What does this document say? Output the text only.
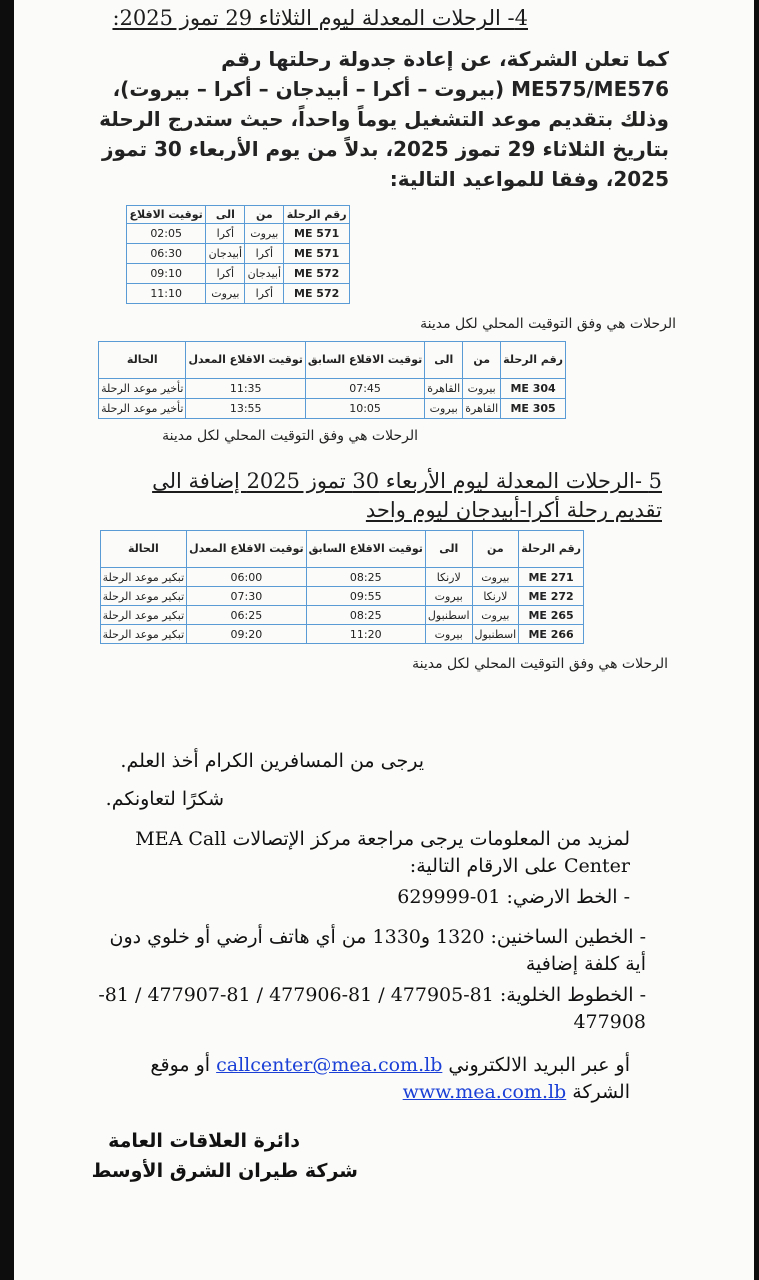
4- الرحلات المعدلة ليوم الثلاثاء 29 تموز 2025:
كما تعلن الشركة، عن إعادة جدولة رحلتها رقم ME575/ME576 (بيروت – أكرا – أبيدجان – أكرا – بيروت)، وذلك بتقديم موعد التشغيل يوماً واحداً، حيث ستدرج الرحلة بتاريخ الثلاثاء 29 تموز 2025، بدلاً من يوم الأربعاء 30 تموز 2025، وفقا للمواعيد التالية:
رقم الرحلة	من	الى	توقيت الاقلاع
ME 571	بيروت	أكرا	02:05
ME 571	أكرا	أبيدجان	06:30
ME 572	أبيدجان	أكرا	09:10
ME 572	أكرا	بيروت	11:10
الرحلات هي وفق التوقيت المحلي لكل مدينة
رقم الرحلة	من	الى	توقيت الاقلاع السابق	توقيت الاقلاع المعدل	الحالة
ME 304	بيروت	القاهرة	07:45	11:35	تأخير موعد الرحلة
ME 305	القاهرة	بيروت	10:05	13:55	تأخير موعد الرحلة
الرحلات هي وفق التوقيت المحلي لكل مدينة
5 -الرحلات المعدلة ليوم الأربعاء 30 تموز 2025 إضافة الى تقديم رحلة أكرا-أبيدجان ليوم واحد
رقم الرحلة	من	الى	توقيت الاقلاع السابق	توقيت الاقلاع المعدل	الحالة
ME 271	بيروت	لارنكا	08:25	06:00	تبكير موعد الرحلة
ME 272	لارنكا	بيروت	09:55	07:30	تبكير موعد الرحلة
ME 265	بيروت	اسطنبول	08:25	06:25	تبكير موعد الرحلة
ME 266	اسطنبول	بيروت	11:20	09:20	تبكير موعد الرحلة
الرحلات هي وفق التوقيت المحلي لكل مدينة
يرجى من المسافرين الكرام أخذ العلم.
شكرًا لتعاونكم.
لمزيد من المعلومات يرجى مراجعة مركز الإتصالات MEA Call Center على الارقام التالية:
- الخط الارضي: 01-629999
- الخطين الساخنين: 1320 و1330 من أي هاتف أرضي أو خلوي دون أية كلفة إضافية
- الخطوط الخلوية: 81-477905 / 81-477906 / 81-477907 / 81-477908
أو عبر البريد الالكتروني callcenter@mea.com.lb أو موقع الشركة www.mea.com.lb
دائرة العلاقات العامة
شركة طيران الشرق الأوسط
